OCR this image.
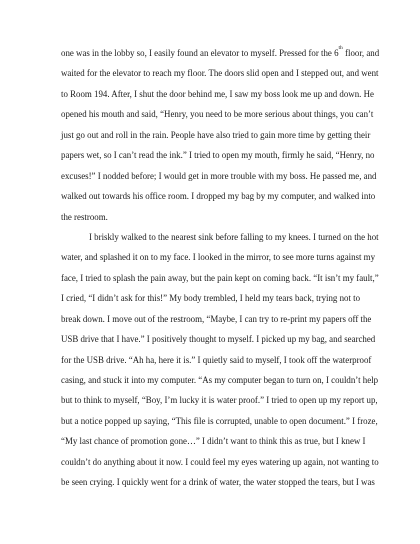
one was in the lobby so, I easily found an elevator to myself. Pressed for the 6th floor, and
waited for the elevator to reach my floor. The doors slid open and I stepped out, and went
to Room 194. After, I shut the door behind me, I saw my boss look me up and down. He
opened his mouth and said, “Henry, you need to be more serious about things, you can’t
just go out and roll in the rain. People have also tried to gain more time by getting their
papers wet, so I can’t read the ink.” I tried to open my mouth, firmly he said, “Henry, no
excuses!” I nodded before; I would get in more trouble with my boss. He passed me, and
walked out towards his office room. I dropped my bag by my computer, and walked into
the restroom.
I briskly walked to the nearest sink before falling to my knees. I turned on the hot
water, and splashed it on to my face. I looked in the mirror, to see more turns against my
face, I tried to splash the pain away, but the pain kept on coming back. “It isn’t my fault,”
I cried, “I didn’t ask for this!” My body trembled, I held my tears back, trying not to
break down. I move out of the restroom, “Maybe, I can try to re-print my papers off the
USB drive that I have.” I positively thought to myself. I picked up my bag, and searched
for the USB drive. “Ah ha, here it is.” I quietly said to myself, I took off the waterproof
casing, and stuck it into my computer. “As my computer began to turn on, I couldn’t help
but to think to myself, “Boy, I’m lucky it is water proof.” I tried to open up my report up,
but a notice popped up saying, “This file is corrupted, unable to open document.” I froze,
“My last chance of promotion gone…” I didn’t want to think this as true, but I knew I
couldn’t do anything about it now. I could feel my eyes watering up again, not wanting to
be seen crying. I quickly went for a drink of water, the water stopped the tears, but I was
